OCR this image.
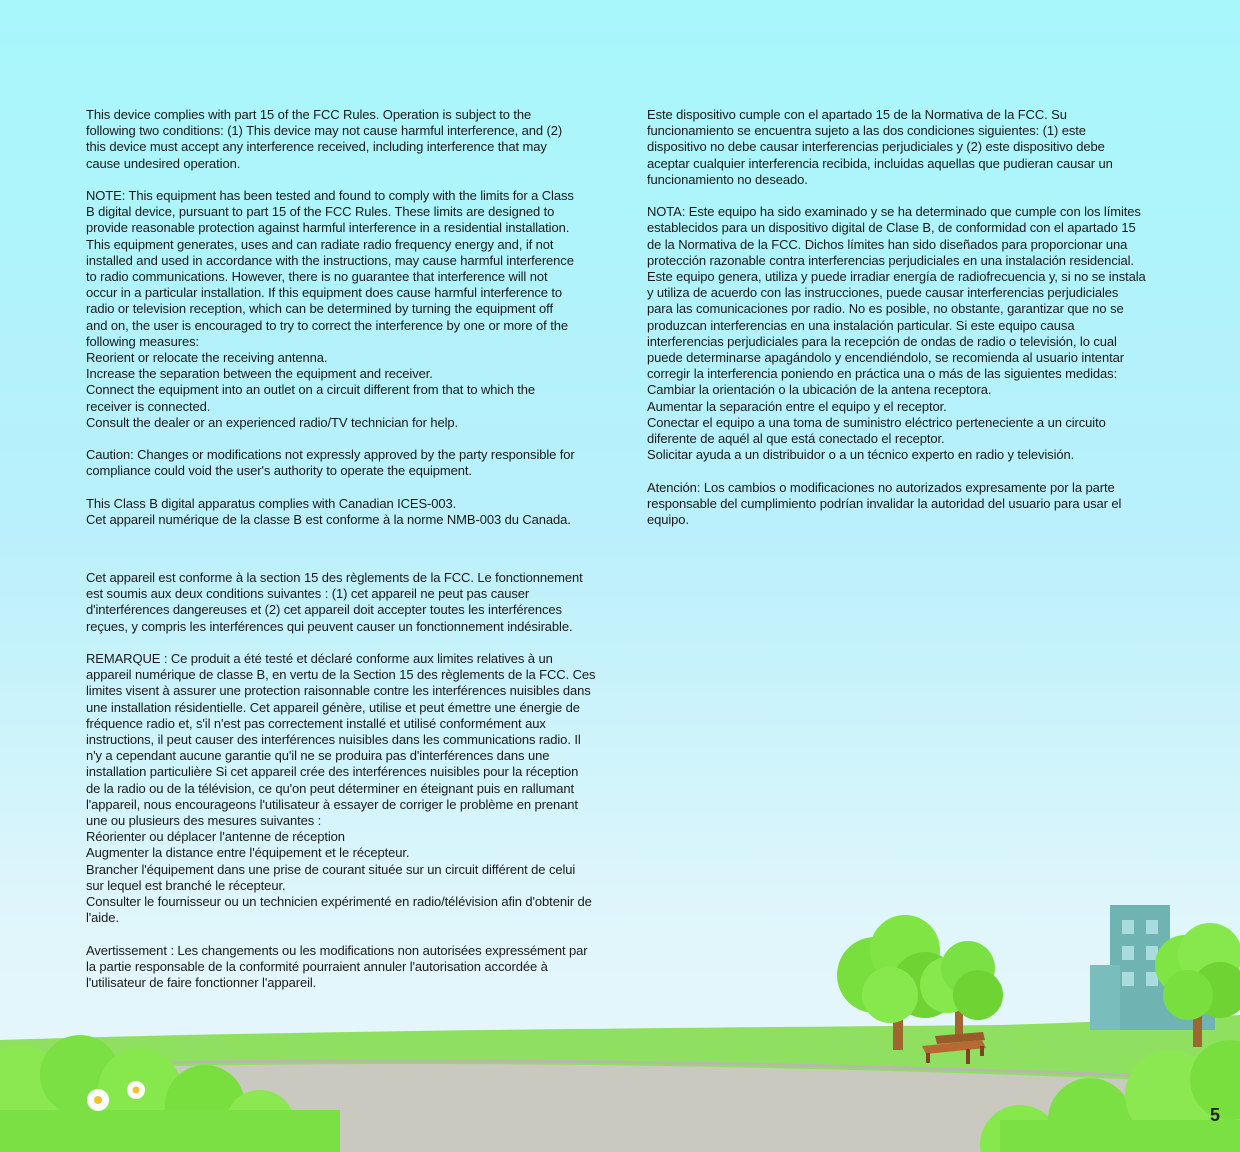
This device complies with part 15 of the FCC Rules. Operation is subject to the
following two conditions: (1) This device may not cause harmful interference, and (2)
this device must accept any interference received, including interference that may
cause undesired operation.

NOTE: This equipment has been tested and found to comply with the limits for a Class
B digital device, pursuant to part 15 of the FCC Rules. These limits are designed to
provide reasonable protection against harmful interference in a residential installation.
This equipment generates, uses and can radiate radio frequency energy and, if not
installed and used in accordance with the instructions, may cause harmful interference
to radio communications. However, there is no guarantee that interference will not
occur in a particular installation. If this equipment does cause harmful interference to
radio or television reception, which can be determined by turning the equipment off
and on, the user is encouraged to try to correct the interference by one or more of the
following measures:
Reorient or relocate the receiving antenna.
Increase the separation between the equipment and receiver.
Connect the equipment into an outlet on a circuit different from that to which the
receiver is connected.
Consult the dealer or an experienced radio/TV technician for help.

Caution: Changes or modifications not expressly approved by the party responsible for
compliance could void the user's authority to operate the equipment.

This Class B digital apparatus complies with Canadian ICES-003.
Cet appareil numérique de la classe B est conforme à la norme NMB-003 du Canada.

Cet appareil est conforme à la section 15 des règlements de la FCC. Le fonctionnement
est soumis aux deux conditions suivantes : (1) cet appareil ne peut pas causer
d'interférences dangereuses et (2) cet appareil doit accepter toutes les interférences
reçues, y compris les interférences qui peuvent causer un fonctionnement indésirable.

REMARQUE : Ce produit a été testé et déclaré conforme aux limites relatives à un
appareil numérique de classe B, en vertu de la Section 15 des règlements de la FCC. Ces
limites visent à assurer une protection raisonnable contre les interférences nuisibles dans
une installation résidentielle. Cet appareil génère, utilise et peut émettre une énergie de
fréquence radio et, s'il n'est pas correctement installé et utilisé conformément aux
instructions, il peut causer des interférences nuisibles dans les communications radio. Il
n'y a cependant aucune garantie qu'il ne se produira pas d'interférences dans une
installation particulière Si cet appareil crée des interférences nuisibles pour la réception
de la radio ou de la télévision, ce qu'on peut déterminer en éteignant puis en rallumant
l'appareil, nous encourageons l'utilisateur à essayer de corriger le problème en prenant
une ou plusieurs des mesures suivantes :
Réorienter ou déplacer l'antenne de réception
Augmenter la distance entre l'équipement et le récepteur.
Brancher l'équipement dans une prise de courant située sur un circuit différent de celui
sur lequel est branché le récepteur.
Consulter le fournisseur ou un technicien expérimenté en radio/télévision afin d'obtenir de
l'aide.

Avertissement : Les changements ou les modifications non autorisées expressément par
la partie responsable de la conformité pourraient annuler l'autorisation accordée à
l'utilisateur de faire fonctionner l'appareil.

Este dispositivo cumple con el apartado 15 de la Normativa de la FCC. Su
funcionamiento se encuentra sujeto a las dos condiciones siguientes: (1) este
dispositivo no debe causar interferencias perjudiciales y (2) este dispositivo debe
aceptar cualquier interferencia recibida, incluidas aquellas que pudieran causar un
funcionamiento no deseado.

NOTA: Este equipo ha sido examinado y se ha determinado que cumple con los límites
establecidos para un dispositivo digital de Clase B, de conformidad con el apartado 15
de la Normativa de la FCC. Dichos límites han sido diseñados para proporcionar una
protección razonable contra interferencias perjudiciales en una instalación residencial.
Este equipo genera, utiliza y puede irradiar energía de radiofrecuencia y, si no se instala
y utiliza de acuerdo con las instrucciones, puede causar interferencias perjudiciales
para las comunicaciones por radio. No es posible, no obstante, garantizar que no se
produzcan interferencias en una instalación particular. Si este equipo causa
interferencias perjudiciales para la recepción de ondas de radio o televisión, lo cual
puede determinarse apagándolo y encendiéndolo, se recomienda al usuario intentar
corregir la interferencia poniendo en práctica una o más de las siguientes medidas:
Cambiar la orientación o la ubicación de la antena receptora.
Aumentar la separación entre el equipo y el receptor.
Conectar el equipo a una toma de suministro eléctrico perteneciente a un circuito
diferente de aquél al que está conectado el receptor.
Solicitar ayuda a un distribuidor o a un técnico experto en radio y televisión.

Atención: Los cambios o modificaciones no autorizados expresamente por la parte
responsable del cumplimiento podrían invalidar la autoridad del usuario para usar el
equipo.

5
